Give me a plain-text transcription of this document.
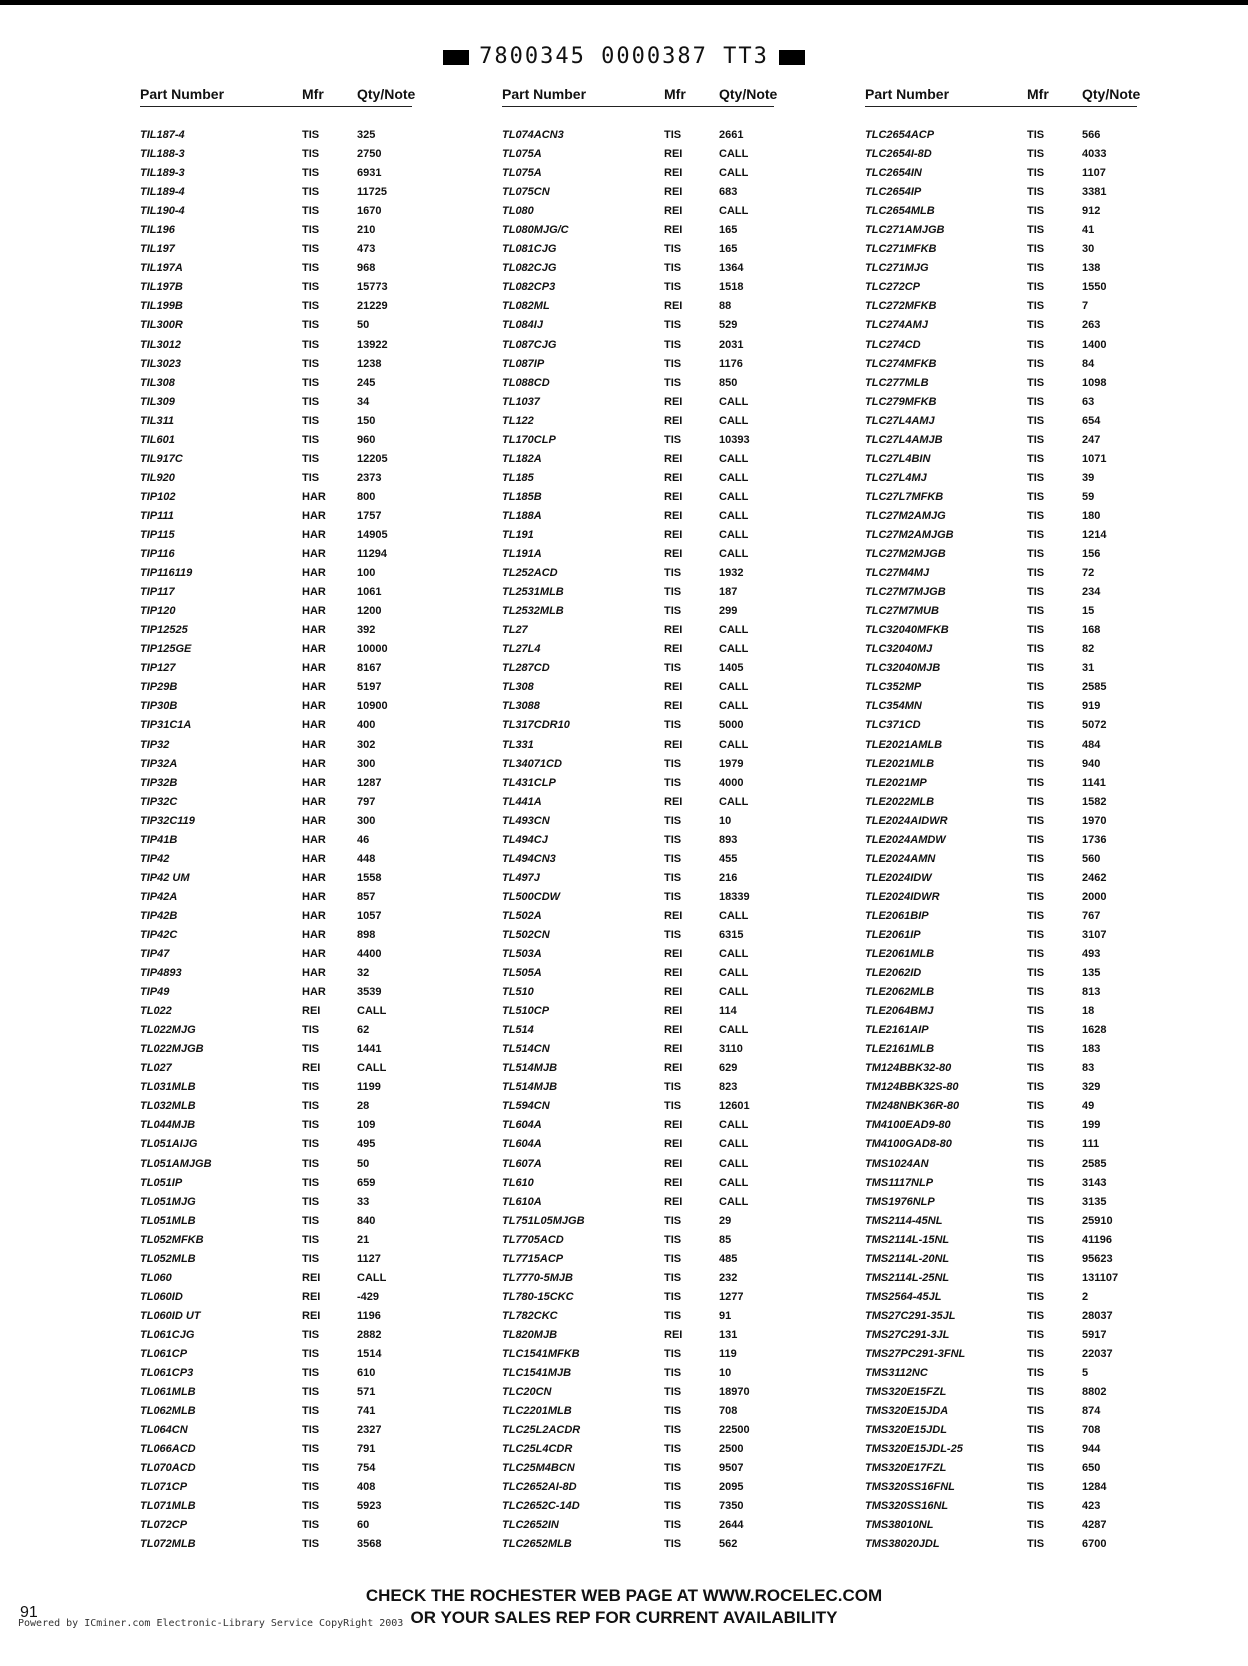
7800345 0000387 TT3
Part Number	Mfr Qty/Note
TIL187-4	TIS	325
TIL188-3	TIS	2750
TIL189-3	TIS	6931
TIL189-4	TIS	11725
TIL190-4	TIS	1670
TIL196	TIS	210
TIL197	TIS	473
TIL197A	TIS	968
TIL197B	TIS	15773
TIL199B	TIS	21229
TIL300R	TIS	50
TIL3012	TIS	13922
TIL3023	TIS	1238
TIL308	TIS	245
TIL309	TIS	34
TIL311	TIS	150
TIL601	TIS	960
TIL917C	TIS	12205
TIL920	TIS	2373
TIP102	HAR	800
TIP111	HAR	1757
TIP115	HAR	14905
TIP116	HAR	11294
TIP116119	HAR	100
TIP117	HAR	1061
TIP120	HAR	1200
TIP12525	HAR	392
TIP125GE	HAR	10000
TIP127	HAR	8167
TIP29B	HAR	5197
TIP30B	HAR	10900
TIP31C1A	HAR	400
TIP32	HAR	302
TIP32A	HAR	300
TIP32B	HAR	1287
TIP32C	HAR	797
TIP32C119	HAR	300
TIP41B	HAR	46
TIP42	HAR	448
TIP42 UM	HAR	1558
TIP42A	HAR	857
TIP42B	HAR	1057
TIP42C	HAR	898
TIP47	HAR	4400
TIP4893	HAR	32
TIP49	HAR	3539
TL022	REI	CALL
TL022MJG	TIS	62
TL022MJGB	TIS	1441
TL027	REI	CALL
TL031MLB	TIS	1199
TL032MLB	TIS	28
TL044MJB	TIS	109
TL051AIJG	TIS	495
TL051AMJGB	TIS	50
TL051IP	TIS	659
TL051MJG	TIS	33
TL051MLB	TIS	840
TL052MFKB	TIS	21
TL052MLB	TIS	1127
TL060	REI	CALL
TL060ID	REI	-429
TL060ID UT	REI	1196
TL061CJG	TIS	2882
TL061CP	TIS	1514
TL061CP3	TIS	610
TL061MLB	TIS	571
TL062MLB	TIS	741
TL064CN	TIS	2327
TL066ACD	TIS	791
TL070ACD	TIS	754
TL071CP	TIS	408
TL071MLB	TIS	5923
TL072CP	TIS	60
TL072MLB	TIS	3568
Part Number	Mfr Qty/Note
TL074ACN3	TIS	2661
TL075A	REI	CALL
TL075A	REI	CALL
TL075CN	REI	683
TL080	REI	CALL
TL080MJG/C	REI	165
TL081CJG	TIS	165
TL082CJG	TIS	1364
TL082CP3	TIS	1518
TL082ML	REI	88
TL084IJ	TIS	529
TL087CJG	TIS	2031
TL087IP	TIS	1176
TL088CD	TIS	850
TL1037	REI	CALL
TL122	REI	CALL
TL170CLP	TIS	10393
TL182A	REI	CALL
TL185	REI	CALL
TL185B	REI	CALL
TL188A	REI	CALL
TL191	REI	CALL
TL191A	REI	CALL
TL252ACD	TIS	1932
TL2531MLB	TIS	187
TL2532MLB	TIS	299
TL27	REI	CALL
TL27L4	REI	CALL
TL287CD	TIS	1405
TL308	REI	CALL
TL3088	REI	CALL
TL317CDR10	TIS	5000
TL331	REI	CALL
TL34071CD	TIS	1979
TL431CLP	TIS	4000
TL441A	REI	CALL
TL493CN	TIS	10
TL494CJ	TIS	893
TL494CN3	TIS	455
TL497J	TIS	216
TL500CDW	TIS	18339
TL502A	REI	CALL
TL502CN	TIS	6315
TL503A	REI	CALL
TL505A	REI	CALL
TL510	REI	CALL
TL510CP	REI	114
TL514	REI	CALL
TL514CN	REI	3110
TL514MJB	REI	629
TL514MJB	TIS	823
TL594CN	TIS	12601
TL604A	REI	CALL
TL604A	REI	CALL
TL607A	REI	CALL
TL610	REI	CALL
TL610A	REI	CALL
TL751L05MJGB	TIS	29
TL7705ACD	TIS	85
TL7715ACP	TIS	485
TL7770-5MJB	TIS	232
TL780-15CKC	TIS	1277
TL782CKC	TIS	91
TL820MJB	REI	131
TLC1541MFKB	TIS	119
TLC1541MJB	TIS	10
TLC20CN	TIS	18970
TLC2201MLB	TIS	708
TLC25L2ACDR	TIS	22500
TLC25L4CDR	TIS	2500
TLC25M4BCN	TIS	9507
TLC2652AI-8D	TIS	2095
TLC2652C-14D	TIS	7350
TLC2652IN	TIS	2644
TLC2652MLB	TIS	562
Part Number	Mfr Qty/Note
TLC2654ACP	TIS	566
TLC2654I-8D	TIS	4033
TLC2654IN	TIS	1107
TLC2654IP	TIS	3381
TLC2654MLB	TIS	912
TLC271AMJGB	TIS	41
TLC271MFKB	TIS	30
TLC271MJG	TIS	138
TLC272CP	TIS	1550
TLC272MFKB	TIS	7
TLC274AMJ	TIS	263
TLC274CD	TIS	1400
TLC274MFKB	TIS	84
TLC277MLB	TIS	1098
TLC279MFKB	TIS	63
TLC27L4AMJ	TIS	654
TLC27L4AMJB	TIS	247
TLC27L4BIN	TIS	1071
TLC27L4MJ	TIS	39
TLC27L7MFKB	TIS	59
TLC27M2AMJG	TIS	180
TLC27M2AMJGB	TIS	1214
TLC27M2MJGB	TIS	156
TLC27M4MJ	TIS	72
TLC27M7MJGB	TIS	234
TLC27M7MUB	TIS	15
TLC32040MFKB	TIS	168
TLC32040MJ	TIS	82
TLC32040MJB	TIS	31
TLC352MP	TIS	2585
TLC354MN	TIS	919
TLC371CD	TIS	5072
TLE2021AMLB	TIS	484
TLE2021MLB	TIS	940
TLE2021MP	TIS	1141
TLE2022MLB	TIS	1582
TLE2024AIDWR	TIS	1970
TLE2024AMDW	TIS	1736
TLE2024AMN	TIS	560
TLE2024IDW	TIS	2462
TLE2024IDWR	TIS	2000
TLE2061BIP	TIS	767
TLE2061IP	TIS	3107
TLE2061MLB	TIS	493
TLE2062ID	TIS	135
TLE2062MLB	TIS	813
TLE2064BMJ	TIS	18
TLE2161AIP	TIS	1628
TLE2161MLB	TIS	183
TM124BBK32-80	TIS	83
TM124BBK32S-80	TIS	329
TM248NBK36R-80	TIS	49
TM4100EAD9-80	TIS	199
TM4100GAD8-80	TIS	111
TMS1024AN	TIS	2585
TMS1117NLP	TIS	3143
TMS1976NLP	TIS	3135
TMS2114-45NL	TIS	25910
TMS2114L-15NL	TIS	41196
TMS2114L-20NL	TIS	95623
TMS2114L-25NL	TIS	131107
TMS2564-45JL	TIS	2
TMS27C291-35JL	TIS	28037
TMS27C291-3JL	TIS	5917
TMS27PC291-3FNL	TIS	22037
TMS3112NC	TIS	5
TMS320E15FZL	TIS	8802
TMS320E15JDA	TIS	874
TMS320E15JDL	TIS	708
TMS320E15JDL-25	TIS	944
TMS320E17FZL	TIS	650
TMS320SS16FNL	TIS	1284
TMS320SS16NL	TIS	423
TMS38010NL	TIS	4287
TMS38020JDL	TIS	6700
CHECK THE ROCHESTER WEB PAGE AT WWW.ROCELEC.COM
OR YOUR SALES REP FOR CURRENT AVAILABILITY
91
Powered by ICminer.com Electronic-Library Service CopyRight 2003
